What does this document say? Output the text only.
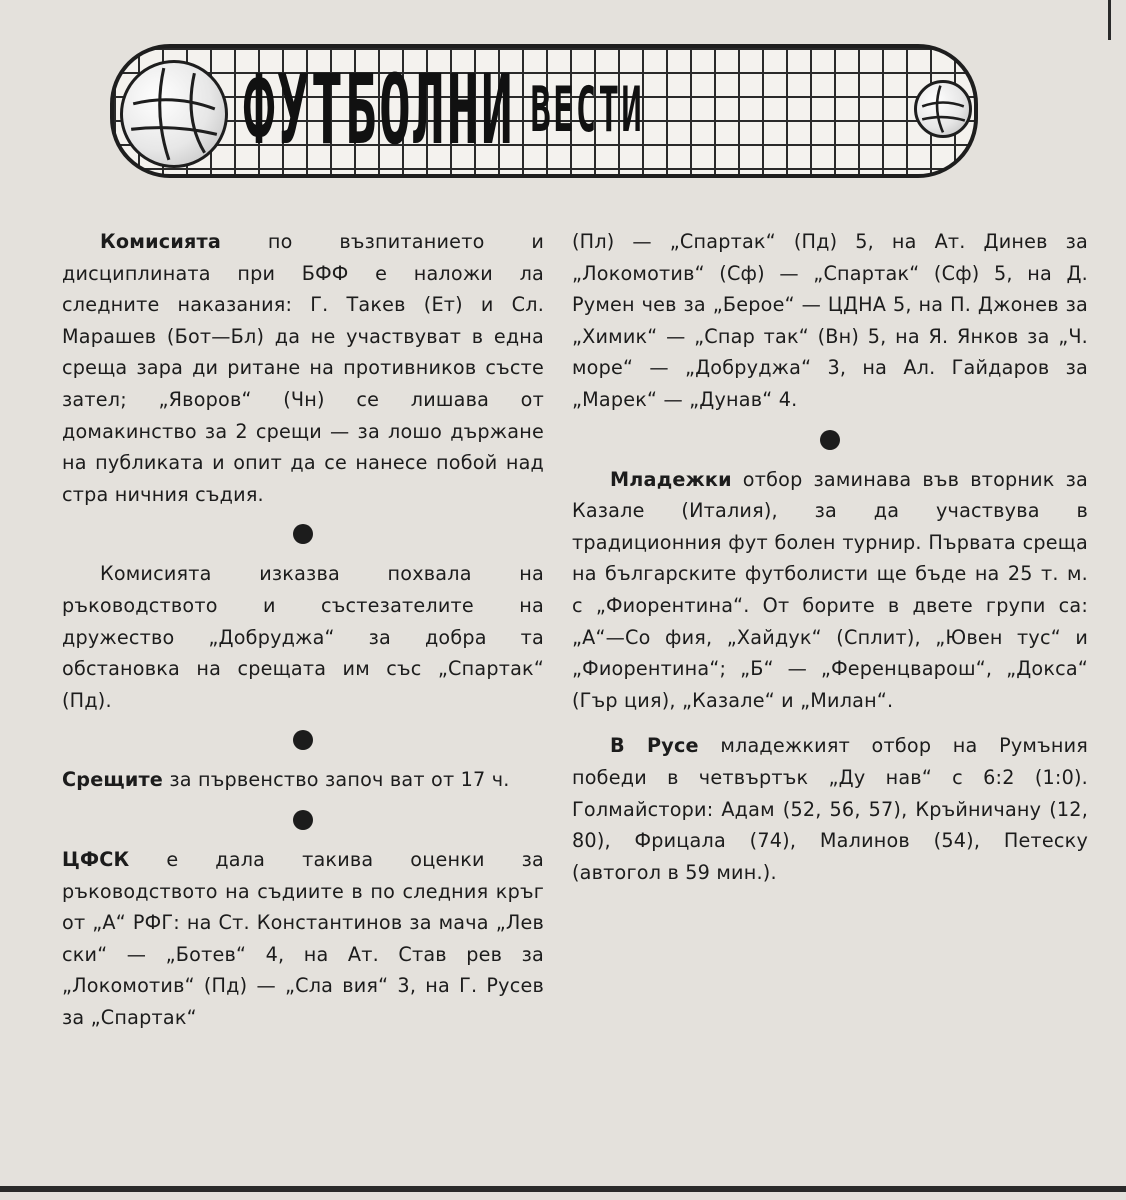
ФУТБОЛНИ ВЕСТИ

Комисията по възпитанието и дисциплината при БФФ е наложи ла следните наказания: Г. Такев (Ет) и Сл. Марашев (Бот—Бл) да не участвуват в една среща зара ди ритане на противников състе зател; „Яворов“ (Чн) се лишава от домакинство за 2 срещи — за лошо държане на публиката и опит да се нанесе побой над стра ничния съдия.

Комисията изказва похвала на ръководството и състезателите на дружество „Добруджа“ за добра та обстановка на срещата им със „Спартак“ (Пд).

Срещите за първенство започ ват от 17 ч.

ЦФСК е дала такива оценки за ръководството на съдиите в по следния кръг от „А“ РФГ: на Ст. Константинов за мача „Лев ски“ — „Ботев“ 4, на Ат. Став рев за „Локомотив“ (Пд) — „Сла вия“ 3, на Г. Русев за „Спартак“

(Пл) — „Спартак“ (Пд) 5, на Ат. Динев за „Локомотив“ (Сф) — „Спартак“ (Сф) 5, на Д. Румен чев за „Берое“ — ЦДНА 5, на П. Джонев за „Химик“ — „Спар так“ (Вн) 5, на Я. Янков за „Ч. море“ — „Добруджа“ 3, на Ал. Гайдаров за „Марек“ — „Дунав“ 4.

Младежки отбор заминава във вторник за Казале (Италия), за да участвува в традиционния фут болен турнир. Първата среща на българските футболисти ще бъде на 25 т. м. с „Фиорентина“. От борите в двете групи са: „А“—Со фия, „Хайдук“ (Сплит), „Ювен тус“ и „Фиорентина“; „Б“ — „Ференцварош“, „Докса“ (Гър ция), „Казале“ и „Милан“.

В Русе младежкият отбор на Румъния победи в четвъртък „Ду нав“ с 6:2 (1:0). Голмайстори: Адам (52, 56, 57), Кръйничану (12, 80), Фрицала (74), Малинов (54), Петеску (автогол в 59 мин.).
